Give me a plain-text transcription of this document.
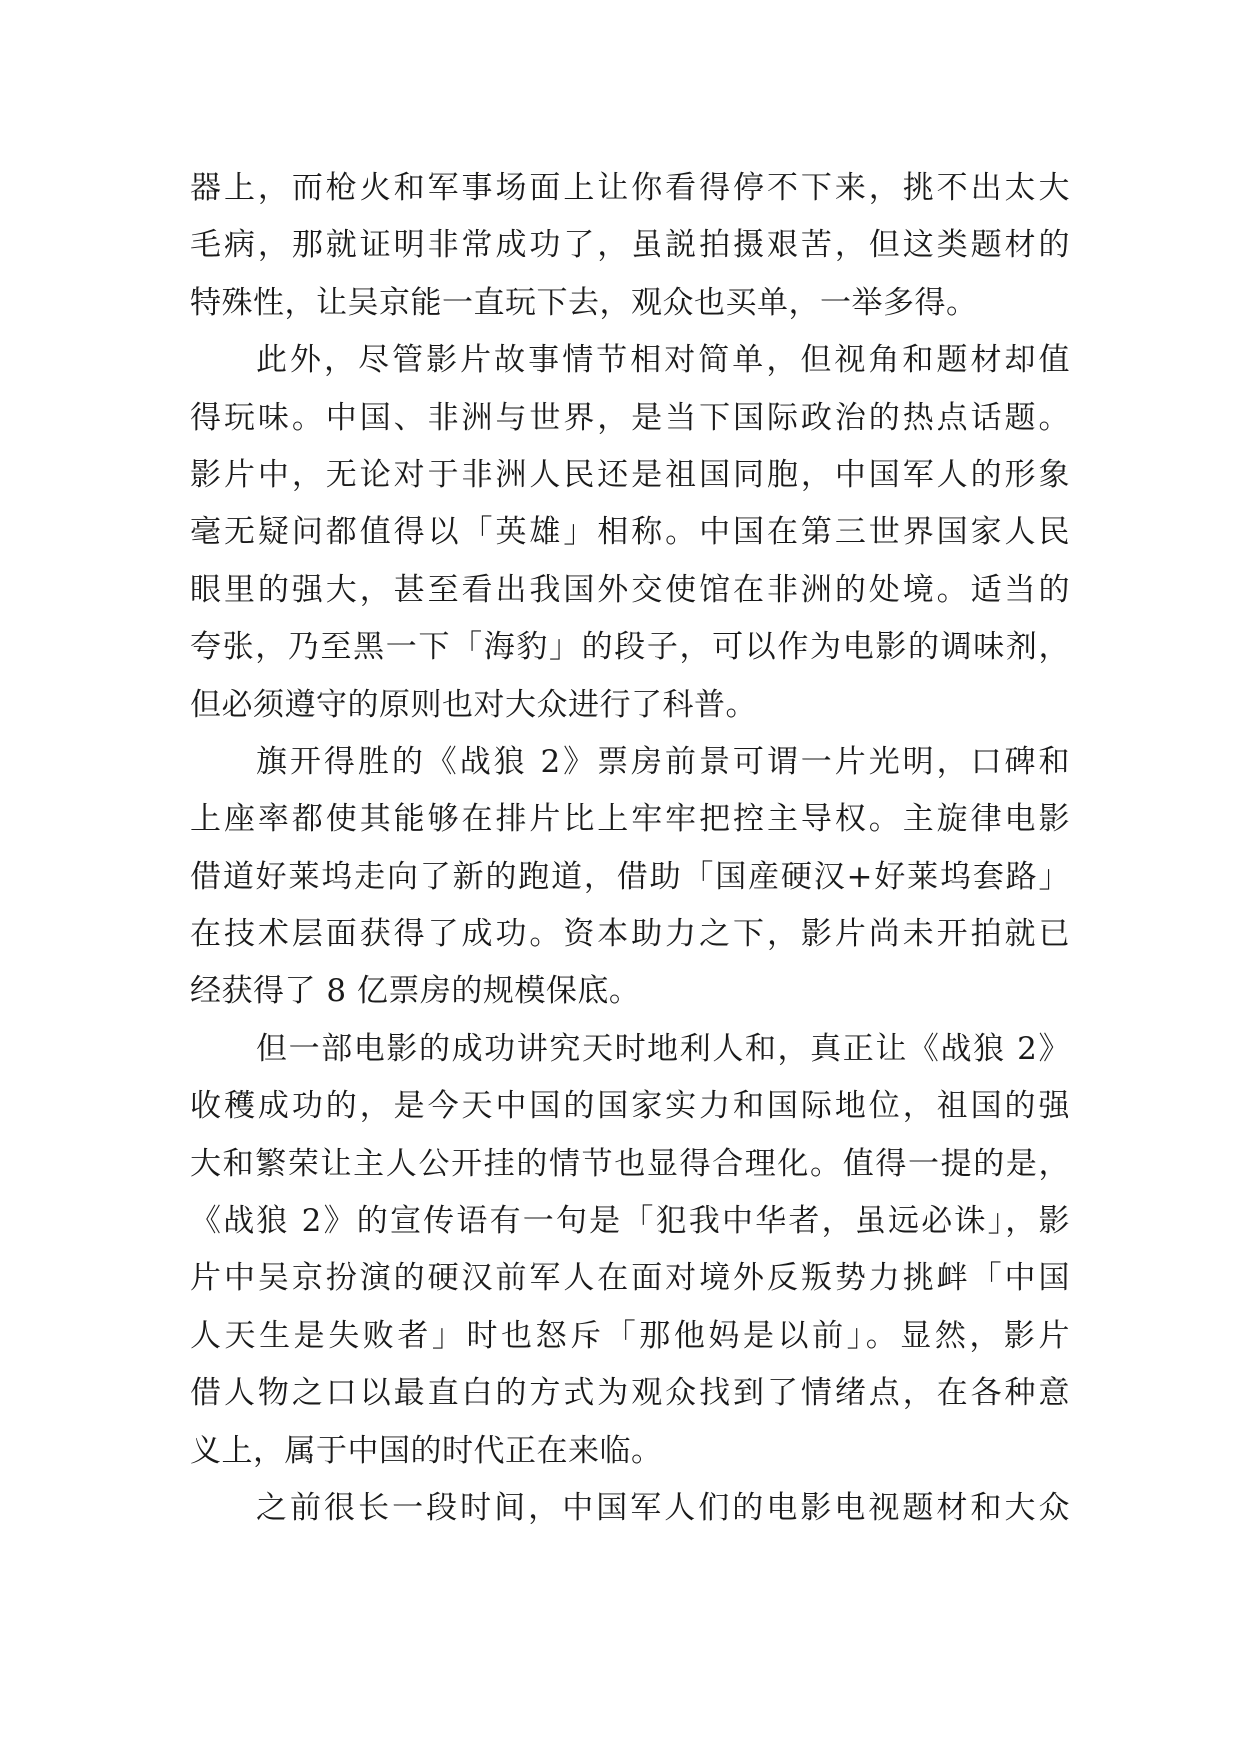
器上，而枪火和军事场面上让你看得停不下来，挑不出太大
毛病，那就证明非常成功了，虽説拍摄艰苦，但这类题材的
特殊性，让吴京能一直玩下去，观众也买单，一举多得。
此外，尽管影片故事情节相对简单，但视角和题材却值
得玩味。中国、非洲与世界，是当下国际政治的热点话题。
影片中，无论对于非洲人民还是祖国同胞，中国军人的形象
毫无疑问都值得以「英雄」相称。中国在第三世界国家人民
眼里的强大，甚至看出我国外交使馆在非洲的处境。适当的
夸张，乃至黑一下「海豹」的段子，可以作为电影的调味剂，
但必须遵守的原则也对大众进行了科普。
旗开得胜的《战狼 2》票房前景可谓一片光明，口碑和
上座率都使其能够在排片比上牢牢把控主导权。主旋律电影
借道好莱坞走向了新的跑道，借助「国産硬汉+好莱坞套路」
在技术层面获得了成功。资本助力之下，影片尚未开拍就已
经获得了 8 亿票房的规模保底。
但一部电影的成功讲究天时地利人和，真正让《战狼 2》
收穫成功的，是今天中国的国家实力和国际地位，祖国的强
大和繁荣让主人公开挂的情节也显得合理化。值得一提的是，
《战狼 2》的宣传语有一句是「犯我中华者，虽远必诛」，影
片中吴京扮演的硬汉前军人在面对境外反叛势力挑衅「中国
人天生是失败者」时也怒斥「那他妈是以前」。显然，影片
借人物之口以最直白的方式为观众找到了情绪点，在各种意
义上，属于中国的时代正在来临。
之前很长一段时间，中国军人们的电影电视题材和大众
